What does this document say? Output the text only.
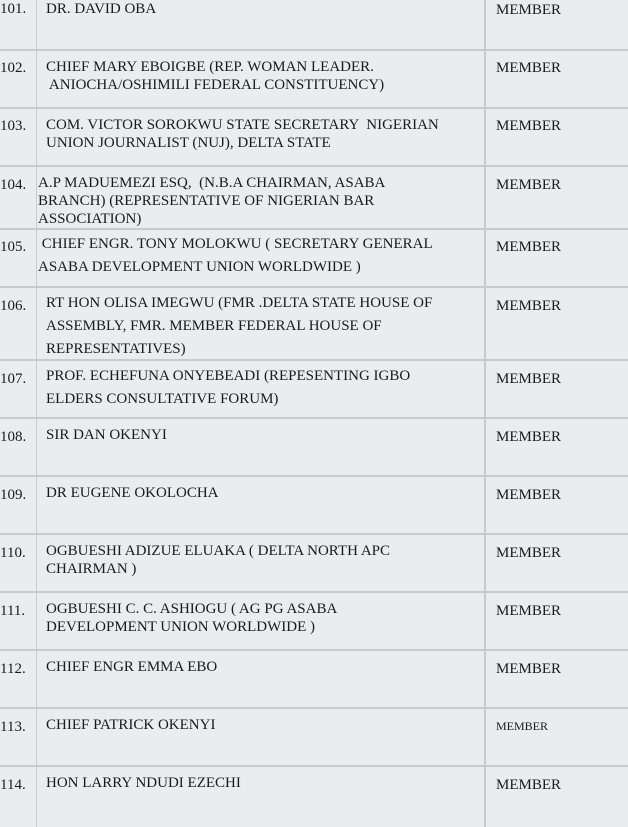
101.	DR. DAVID OBA	MEMBER
102.	CHIEF MARY EBOIGBE (REP. WOMAN LEADER.
ANIOCHA/OSHIMILI FEDERAL CONSTITUENCY)
MEMBER
103.	COM. VICTOR SOROKWU STATE SECRETARY  NIGERIAN
UNION JOURNALIST (NUJ), DELTA STATE
MEMBER
104. A.P MADUEMEZI ESQ,  (N.B.A CHAIRMAN, ASABA
BRANCH) (REPRESENTATIVE OF NIGERIAN BAR
ASSOCIATION)
MEMBER
105.	CHIEF ENGR. TONY MOLOKWU ( SECRETARY GENERAL
ASABA DEVELOPMENT UNION WORLDWIDE )
MEMBER
106.	RT HON OLISA IMEGWU (FMR .DELTA STATE HOUSE OF
ASSEMBLY, FMR. MEMBER FEDERAL HOUSE OF
REPRESENTATIVES)
MEMBER
107.	PROF. ECHEFUNA ONYEBEADI (REPESENTING IGBO
ELDERS CONSULTATIVE FORUM)
MEMBER
108.	SIR DAN OKENYI	MEMBER
109.	DR EUGENE OKOLOCHA	MEMBER
110.	OGBUESHI ADIZUE ELUAKA ( DELTA NORTH APC
CHAIRMAN )
MEMBER
111.	OGBUESHI C. C. ASHIOGU ( AG PG ASABA
DEVELOPMENT UNION WORLDWIDE )
MEMBER
112.	CHIEF ENGR EMMA EBO	MEMBER
113.	CHIEF PATRICK OKENYI	MEMBER
114.	HON LARRY NDUDI EZECHI	MEMBER
